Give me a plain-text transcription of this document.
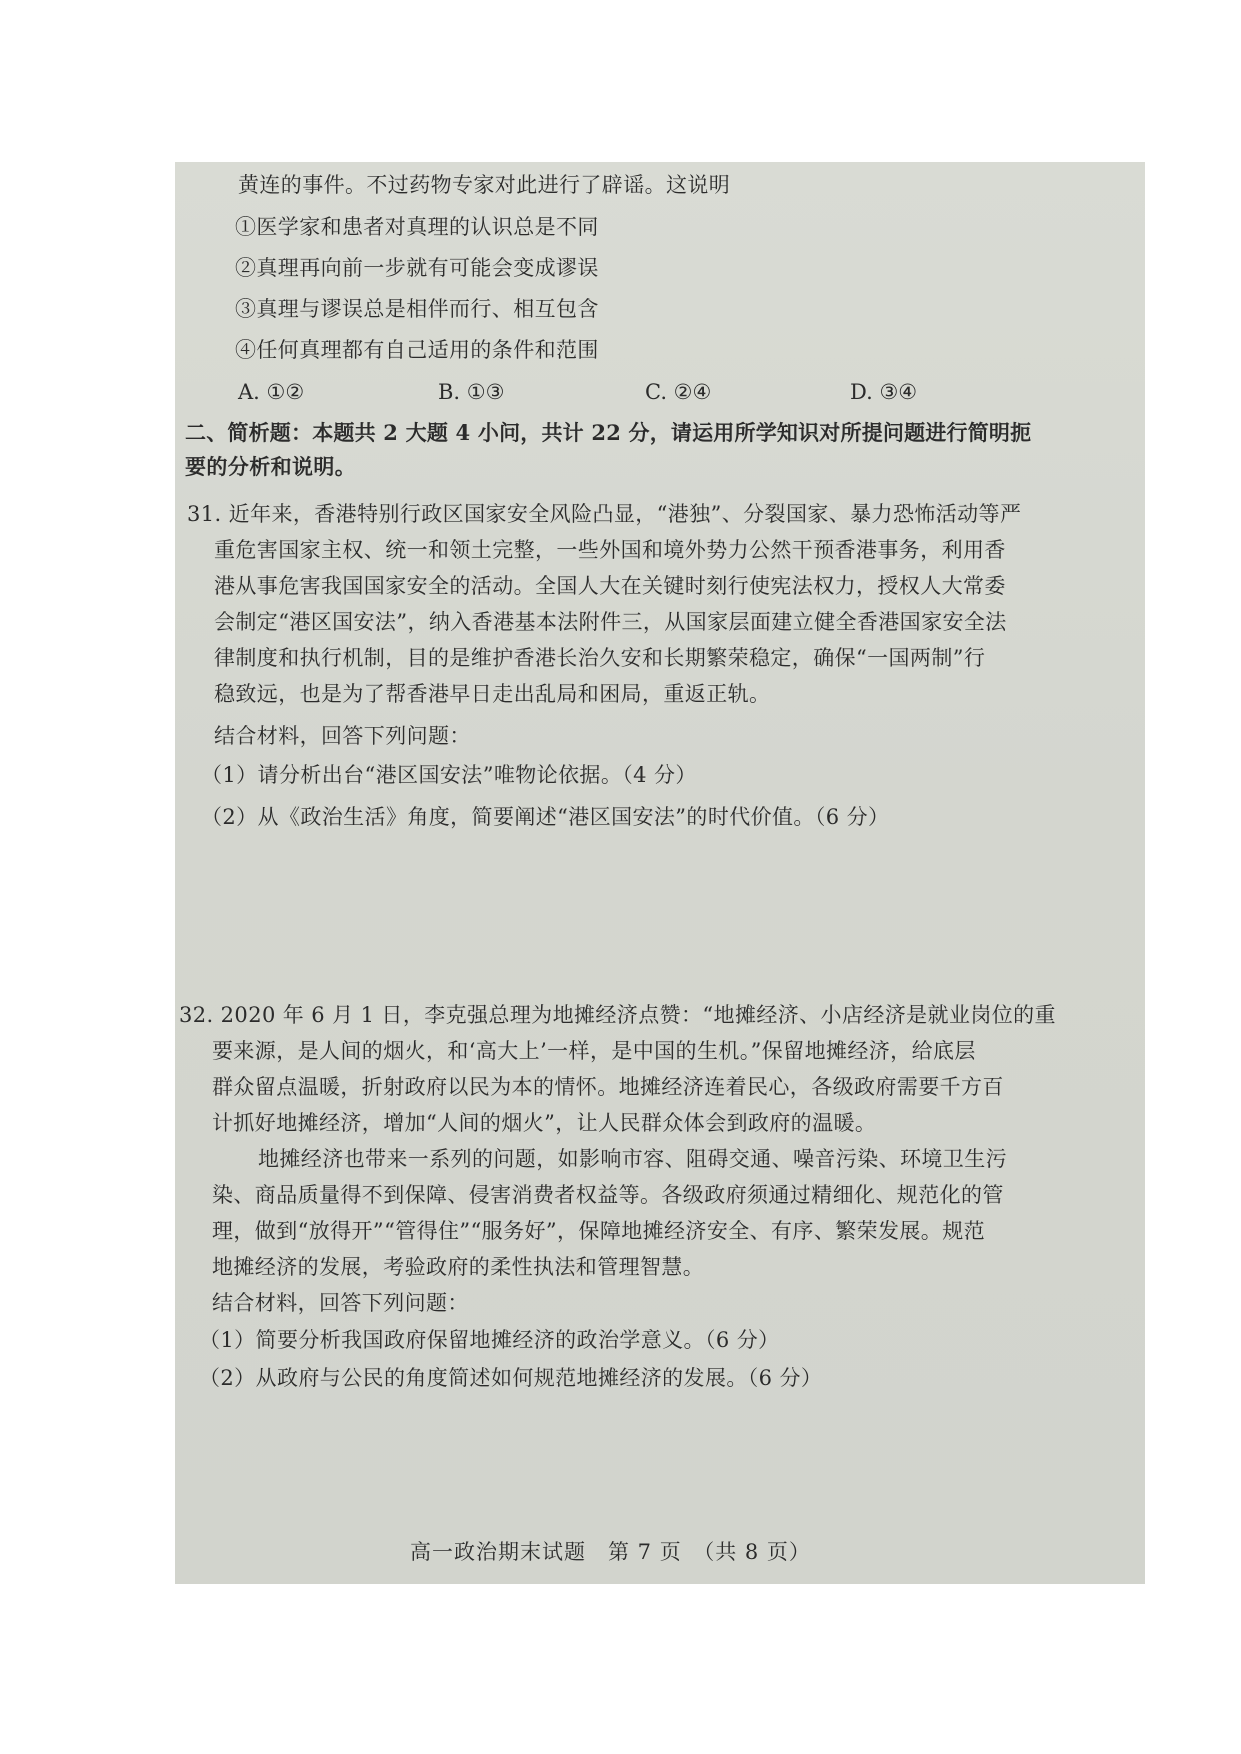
黄连的事件。不过药物专家对此进行了辟谣。这说明
①医学家和患者对真理的认识总是不同
②真理再向前一步就有可能会变成谬误
③真理与谬误总是相伴而行、相互包含
④任何真理都有自己适用的条件和范围
A. ①②	B. ①③	C. ②④	D. ③④
二、简析题：本题共 2 大题 4 小问，共计 22 分，请运用所学知识对所提问题进行简明扼
要的分析和说明。
31. 近年来，香港特别行政区国家安全风险凸显，“港独”、分裂国家、暴力恐怖活动等严
重危害国家主权、统一和领土完整，一些外国和境外势力公然干预香港事务，利用香
港从事危害我国国家安全的活动。全国人大在关键时刻行使宪法权力，授权人大常委
会制定“港区国安法”，纳入香港基本法附件三，从国家层面建立健全香港国家安全法
律制度和执行机制，目的是维护香港长治久安和长期繁荣稳定，确保“一国两制”行
稳致远，也是为了帮香港早日走出乱局和困局，重返正轨。
结合材料，回答下列问题：
（1）请分析出台“港区国安法”唯物论依据。（4 分）
（2）从《政治生活》角度，简要阐述“港区国安法”的时代价值。（6 分）
32. 2020 年 6 月 1 日，李克强总理为地摊经济点赞：“地摊经济、小店经济是就业岗位的重
要来源，是人间的烟火，和‘高大上’一样，是中国的生机。”保留地摊经济，给底层
群众留点温暖，折射政府以民为本的情怀。地摊经济连着民心，各级政府需要千方百
计抓好地摊经济，增加“人间的烟火”，让人民群众体会到政府的温暖。
地摊经济也带来一系列的问题，如影响市容、阻碍交通、噪音污染、环境卫生污
染、商品质量得不到保障、侵害消费者权益等。各级政府须通过精细化、规范化的管
理，做到“放得开”“管得住”“服务好”，保障地摊经济安全、有序、繁荣发展。规范
地摊经济的发展，考验政府的柔性执法和管理智慧。
结合材料，回答下列问题：
（1）简要分析我国政府保留地摊经济的政治学意义。（6 分）
（2）从政府与公民的角度简述如何规范地摊经济的发展。（6 分）
高一政治期末试题　第 7 页　（共 8 页）
